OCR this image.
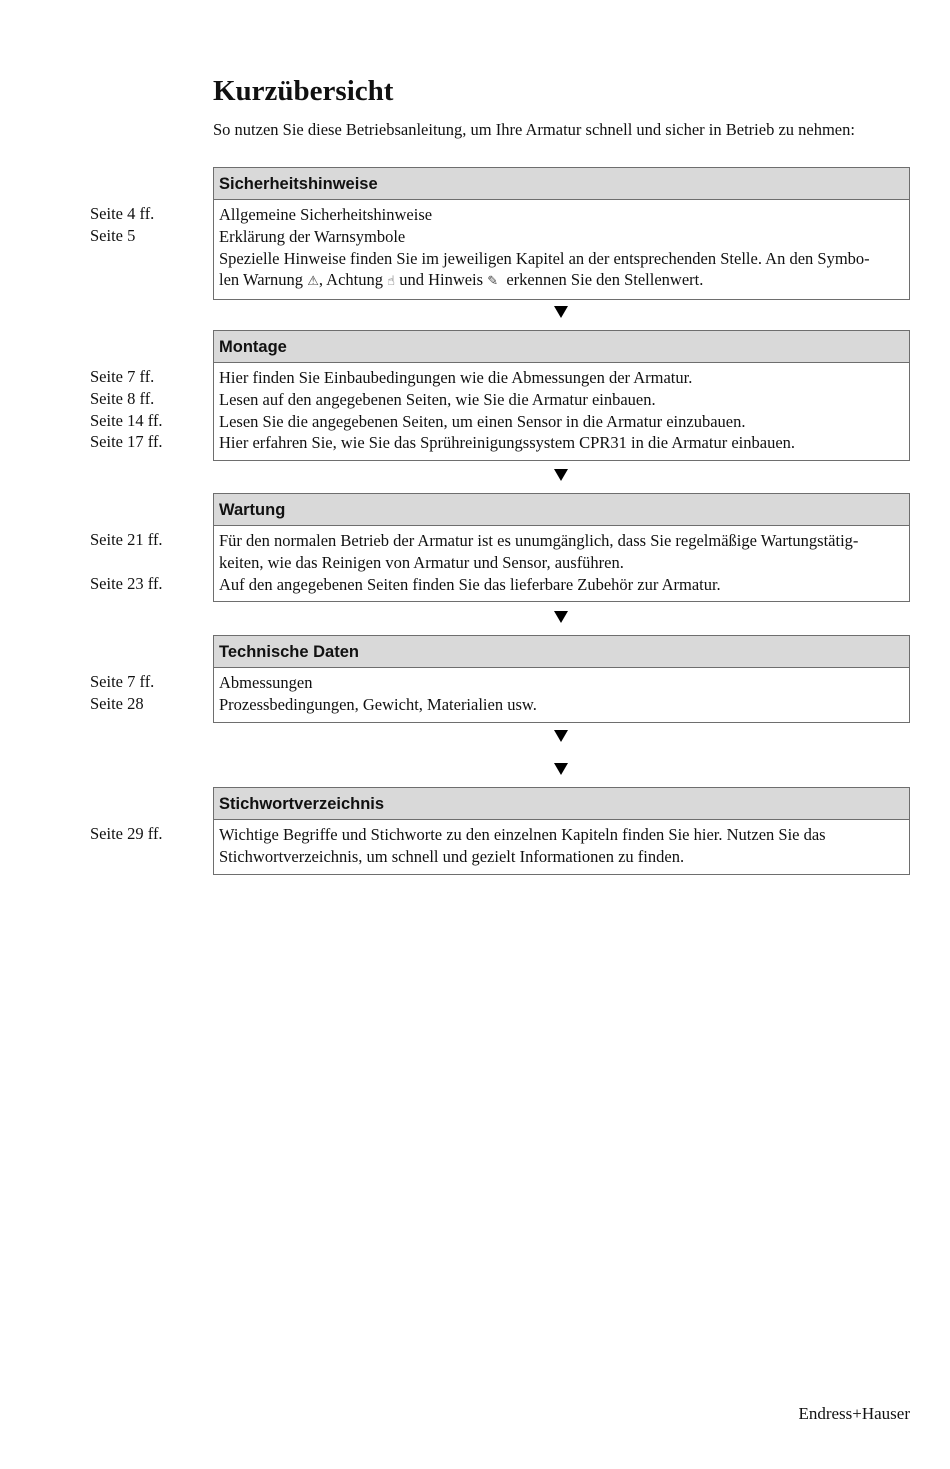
Kurzübersicht
So nutzen Sie diese Betriebsanleitung, um Ihre Armatur schnell und sicher in Betrieb zu nehmen:
Seite 4 ff.
Seite 5
Sicherheitshinweise
Allgemeine Sicherheitshinweise
Erklärung der Warnsymbole
Spezielle Hinweise finden Sie im jeweiligen Kapitel an der entsprechenden Stelle. An den Symbo-
len Warnung ⚠, Achtung ☝ und Hinweis ✎  erkennen Sie den Stellenwert.
Seite 7 ff.
Seite 8 ff.
Seite 14 ff.
Seite 17 ff.
Montage
Hier finden Sie Einbaubedingungen wie die Abmessungen der Armatur.
Lesen auf den angegebenen Seiten, wie Sie die Armatur einbauen.
Lesen Sie die angegebenen Seiten, um einen Sensor in die Armatur einzubauen.
Hier erfahren Sie, wie Sie das Sprühreinigungssystem CPR31 in die Armatur einbauen.
Seite 21 ff.
Seite 23 ff.
Wartung
Für den normalen Betrieb der Armatur ist es unumgänglich, dass Sie regelmäßige Wartungstätig-
keiten, wie das Reinigen von Armatur und Sensor, ausführen.
Auf den angegebenen Seiten finden Sie das lieferbare Zubehör zur Armatur.
Seite 7 ff.
Seite 28
Technische Daten
Abmessungen
Prozessbedingungen, Gewicht, Materialien usw.
Seite 29 ff.
Stichwortverzeichnis
Wichtige Begriffe und Stichworte zu den einzelnen Kapiteln finden Sie hier. Nutzen Sie das
Stichwortverzeichnis, um schnell und gezielt Informationen zu finden.
Endress+Hauser
